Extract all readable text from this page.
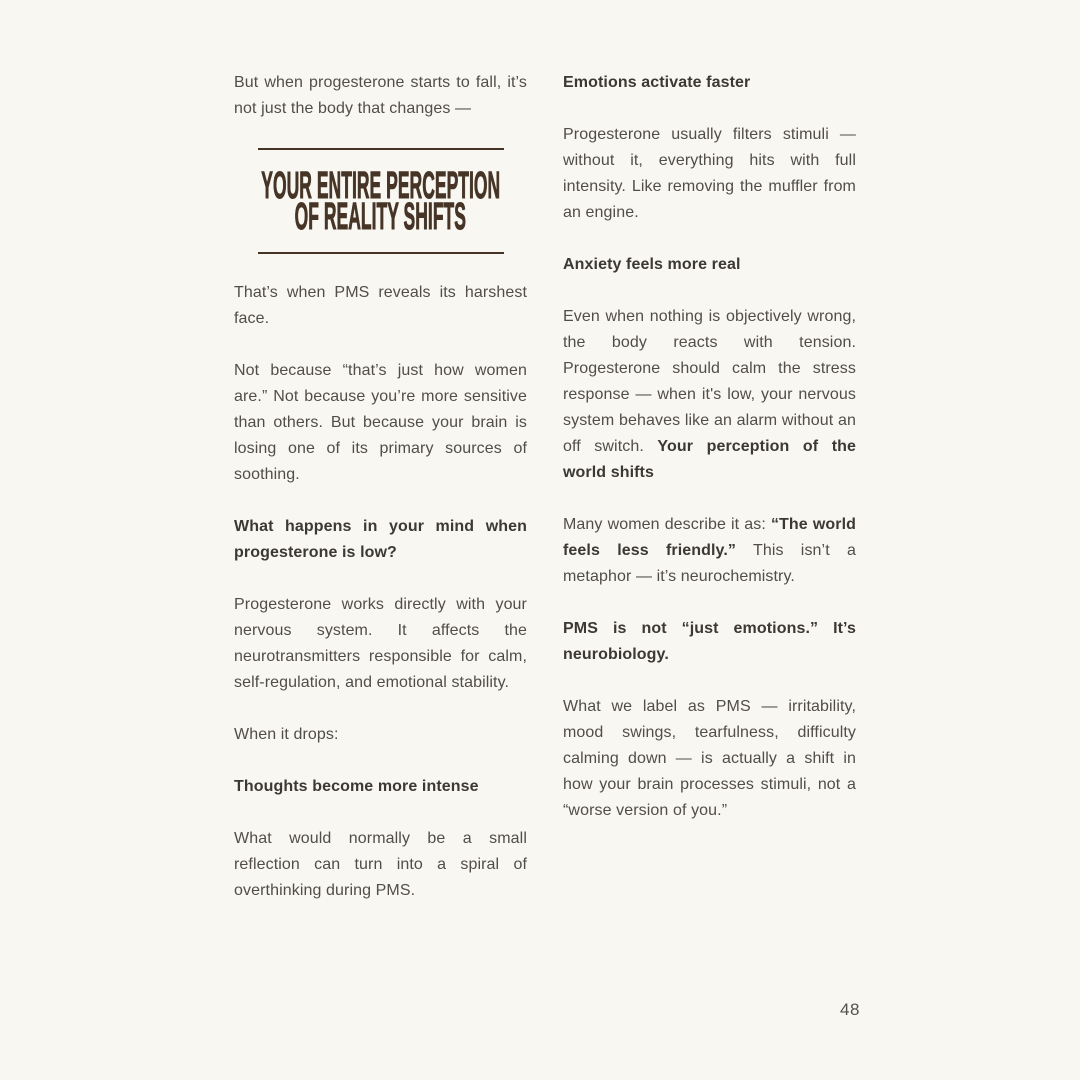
But when progesterone starts to fall, it’s not just the body that changes —

YOUR ENTIRE PERCEPTION
OF REALITY SHIFTS

That’s when PMS reveals its harshest face.

Not because “that’s just how women are.” Not because you’re more sensitive than others. But because your brain is losing one of its primary sources of soothing.

What happens in your mind when progesterone is low?

Progesterone works directly with your nervous system. It affects the neurotransmitters responsible for calm, self-regulation, and emotional stability.

When it drops:

Thoughts become more intense

What would normally be a small reflection can turn into a spiral of overthinking during PMS.

Emotions activate faster

Progesterone usually filters stimuli — without it, everything hits with full intensity. Like removing the muffler from an engine.

Anxiety feels more real

Even when nothing is objectively wrong, the body reacts with tension. Progesterone should calm the stress response — when it's low, your nervous system behaves like an alarm without an off switch. Your perception of the world shifts

Many women describe it as: “The world feels less friendly.” This isn’t a metaphor — it’s neurochemistry.

PMS is not “just emotions.” It’s neurobiology.

What we label as PMS — irritability, mood swings, tearfulness, difficulty calming down — is actually a shift in how your brain processes stimuli, not a “worse version of you.”

48
